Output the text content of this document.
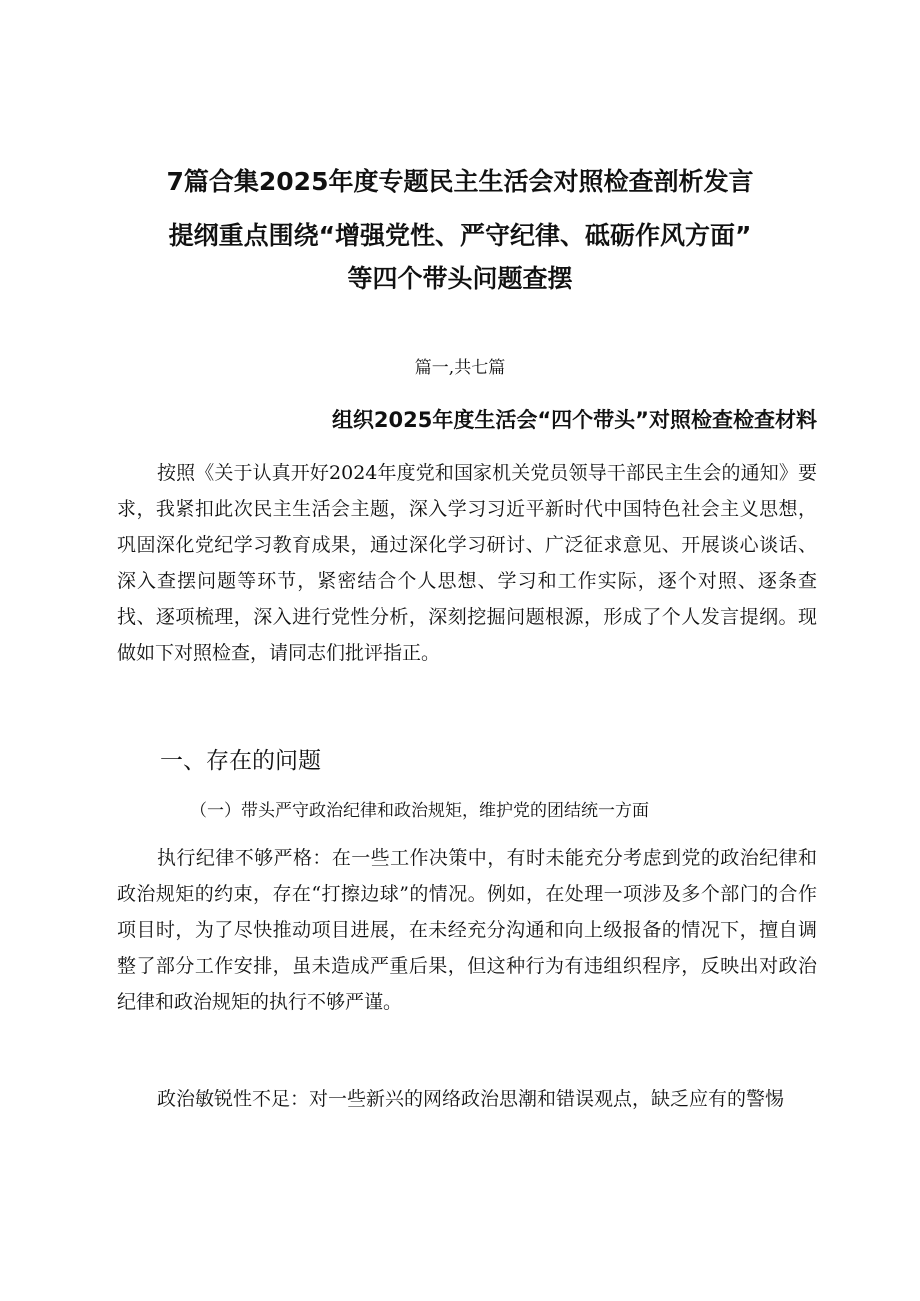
7篇合集2025年度专题民主生活会对照检查剖析发言
提纲重点围绕“增强党性、严守纪律、砥砺作风方面”
等四个带头问题查摆
篇一,共七篇
组织2025年度生活会“四个带头”对照检查检查材料
按照《关于认真开好2024年度党和国家机关党员领导干部民主生会的通知》要求，我紧扣此次民主生活会主题，深入学习习近平新时代中国特色社会主义思想，巩固深化党纪学习教育成果，通过深化学习研讨、广泛征求意见、开展谈心谈话、深入查摆问题等环节，紧密结合个人思想、学习和工作实际，逐个对照、逐条查找、逐项梳理，深入进行党性分析，深刻挖掘问题根源，形成了个人发言提纲。现做如下对照检查，请同志们批评指正。
一、存在的问题
（一）带头严守政治纪律和政治规矩，维护党的团结统一方面
执行纪律不够严格：在一些工作决策中，有时未能充分考虑到党的政治纪律和政治规矩的约束，存在“打擦边球”的情况。例如，在处理一项涉及多个部门的合作项目时，为了尽快推动项目进展，在未经充分沟通和向上级报备的情况下，擅自调整了部分工作安排，虽未造成严重后果，但这种行为有违组织程序，反映出对政治纪律和政治规矩的执行不够严谨。
政治敏锐性不足：对一些新兴的网络政治思潮和错误观点，缺乏应有的警惕
